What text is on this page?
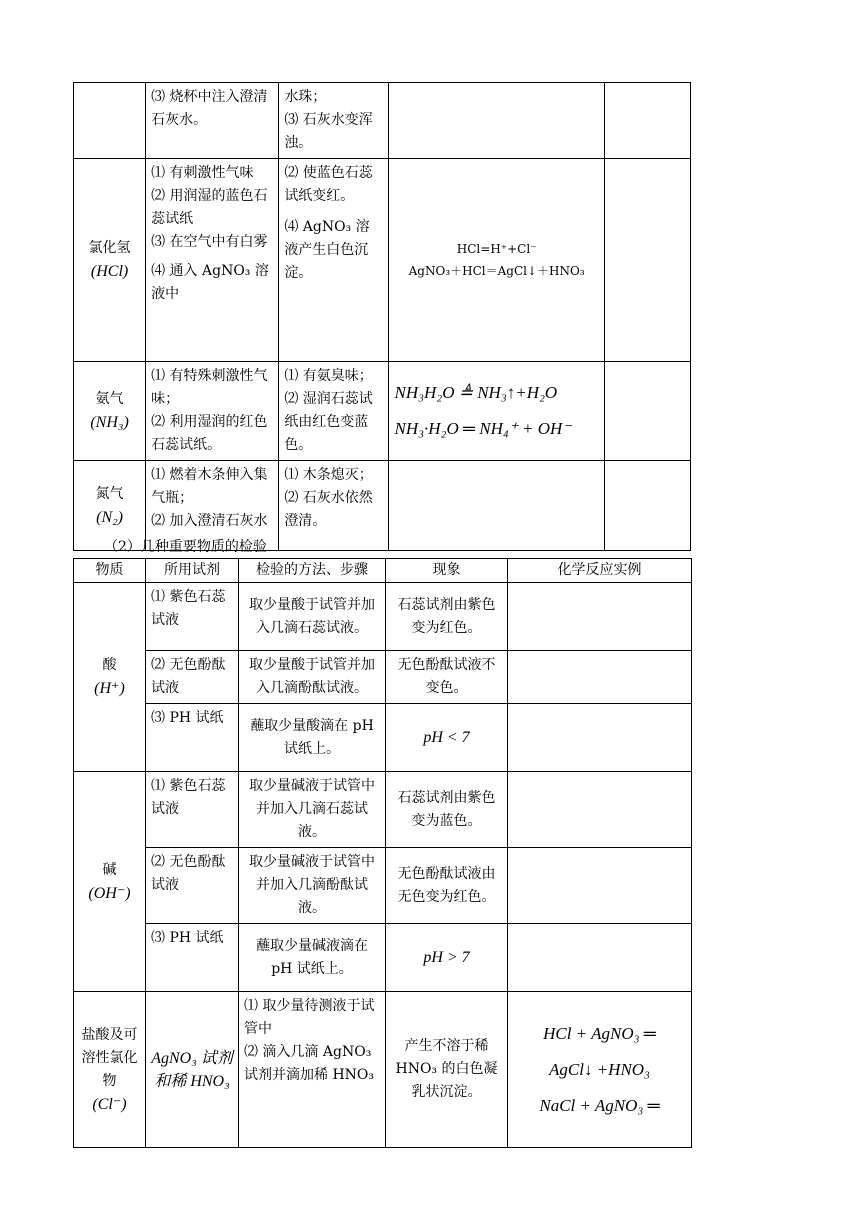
	⑶ 烧杯中注入澄清石灰水。	水珠；
⑶ 石灰水变浑浊。		

氯化氢
(HCl)	⑴ 有刺激性气味
⑵ 用润湿的蓝色石蕊试纸
⑶ 在空气中有白雾
⑷ 通入 AgNO₃ 溶液中	⑵ 使蓝色石蕊试纸变红。
⑷ AgNO₃ 溶液产生白色沉淀。	HCl=H⁺+Cl⁻
AgNO₃＋HCl＝AgCl↓＋HNO₃	

氨气
(NH₃)	⑴ 有特殊刺激性气味；
⑵ 利用湿润的红色石蕊试纸。	⑴ 有氨臭味；
⑵ 湿润石蕊试纸由红色变蓝色。	NH₃H₂O ≜ NH₃↑+H₂O
NH₃·H₂O ═ NH₄⁺ + OH⁻	

氮气
(N₂)	⑴ 燃着木条伸入集气瓶；
⑵ 加入澄清石灰水	⑴ 木条熄灭；
⑵ 石灰水依然澄清。		

（2）几种重要物质的检验
物质	所用试剂	检验的方法、步骤	现象	化学反应实例

酸
(H⁺)	⑴ 紫色石蕊试液	取少量酸于试管并加入几滴石蕊试液。	石蕊试剂由紫色变为红色。	
	⑵ 无色酚酞试液	取少量酸于试管并加入几滴酚酞试液。	无色酚酞试液不变色。	
	⑶ PH 试纸	蘸取少量酸滴在 pH 试纸上。	pH < 7	

碱
(OH⁻)	⑴ 紫色石蕊试液	取少量碱液于试管中并加入几滴石蕊试液。	石蕊试剂由紫色变为蓝色。	
	⑵ 无色酚酞试液	取少量碱液于试管中并加入几滴酚酞试液。	无色酚酞试液由无色变为红色。	
	⑶ PH 试纸	蘸取少量碱液滴在 pH 试纸上。	pH > 7	

盐酸及可溶性氯化物
(Cl⁻)	AgNO₃ 试剂和稀 HNO₃	⑴ 取少量待测液于试管中
⑵ 滴入几滴 AgNO₃ 试剂并滴加稀 HNO₃	产生不溶于稀 HNO₃ 的白色凝乳状沉淀。	HCl + AgNO₃ ═
AgCl↓ +HNO₃
NaCl + AgNO₃ ═
